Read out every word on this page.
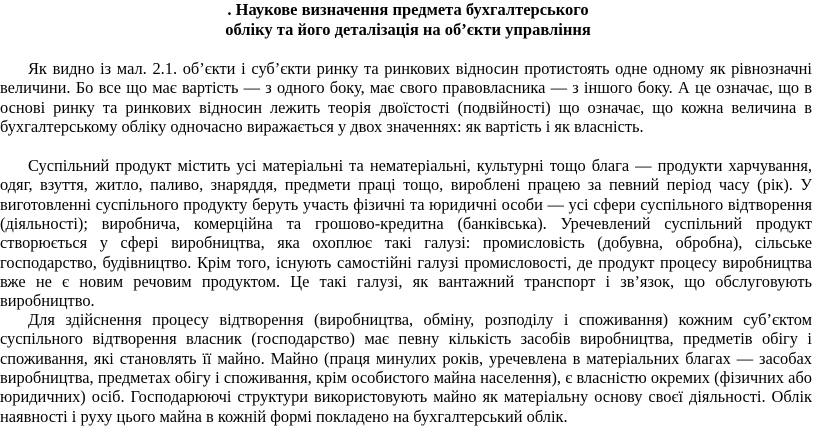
. Наукове визначення предмета бухгалтерського
обліку та його деталізація на об’єкти управління

Як видно із мал. 2.1. об’єкти і суб’єкти ринку та ринкових відносин протистоять одне одному як рівнозначні величини. Бо все що має вартість — з одного боку, має свого правовласника — з іншого боку. А це означає, що в основі ринку та ринкових відносин лежить теорія двоїстості (подвійності) що означає, що кожна величина в бухгалтерському обліку одночасно виражається у двох значеннях: як вартість і як власність.

Суспільний продукт містить усі матеріальні та нематеріальні, культурні тощо блага — продукти харчування, одяг, взуття, житло, паливо, знаряддя, предмети праці тощо, вироблені працею за певний період часу (рік). У виготовленні суспільного продукту беруть участь фізичні та юридичні особи — усі сфери суспільного відтворення (діяльності); виробнича, комерційна та грошово-кредитна (банківська). Уречевлений суспільний продукт створюється у сфері виробництва, яка охоплює такі галузі: промисловість (добувна, обробна), сільське господарство, будівництво. Крім того, існують самостійні галузі промисловості, де продукт процесу виробництва вже не є новим речовим продуктом. Це такі галузі, як вантажний транспорт і зв’язок, що обслуговують виробництво.

Для здійснення процесу відтворення (виробництва, обміну, розподілу і споживання) кожним суб’єктом суспільного відтворення власник (господарство) має певну кількість засобів виробництва, предметів обігу і споживання, які становлять її майно. Майно (праця минулих років, уречевлена в матеріальних благах — засобах виробництва, предметах обігу і споживання, крім особистого майна населення), є власністю окремих (фізичних або юридичних) осіб. Господарюючі структури використовують майно як матеріальну основу своєї діяльності. Облік наявності і руху цього майна в кожній формі покладено на бухгалтерський облік.
